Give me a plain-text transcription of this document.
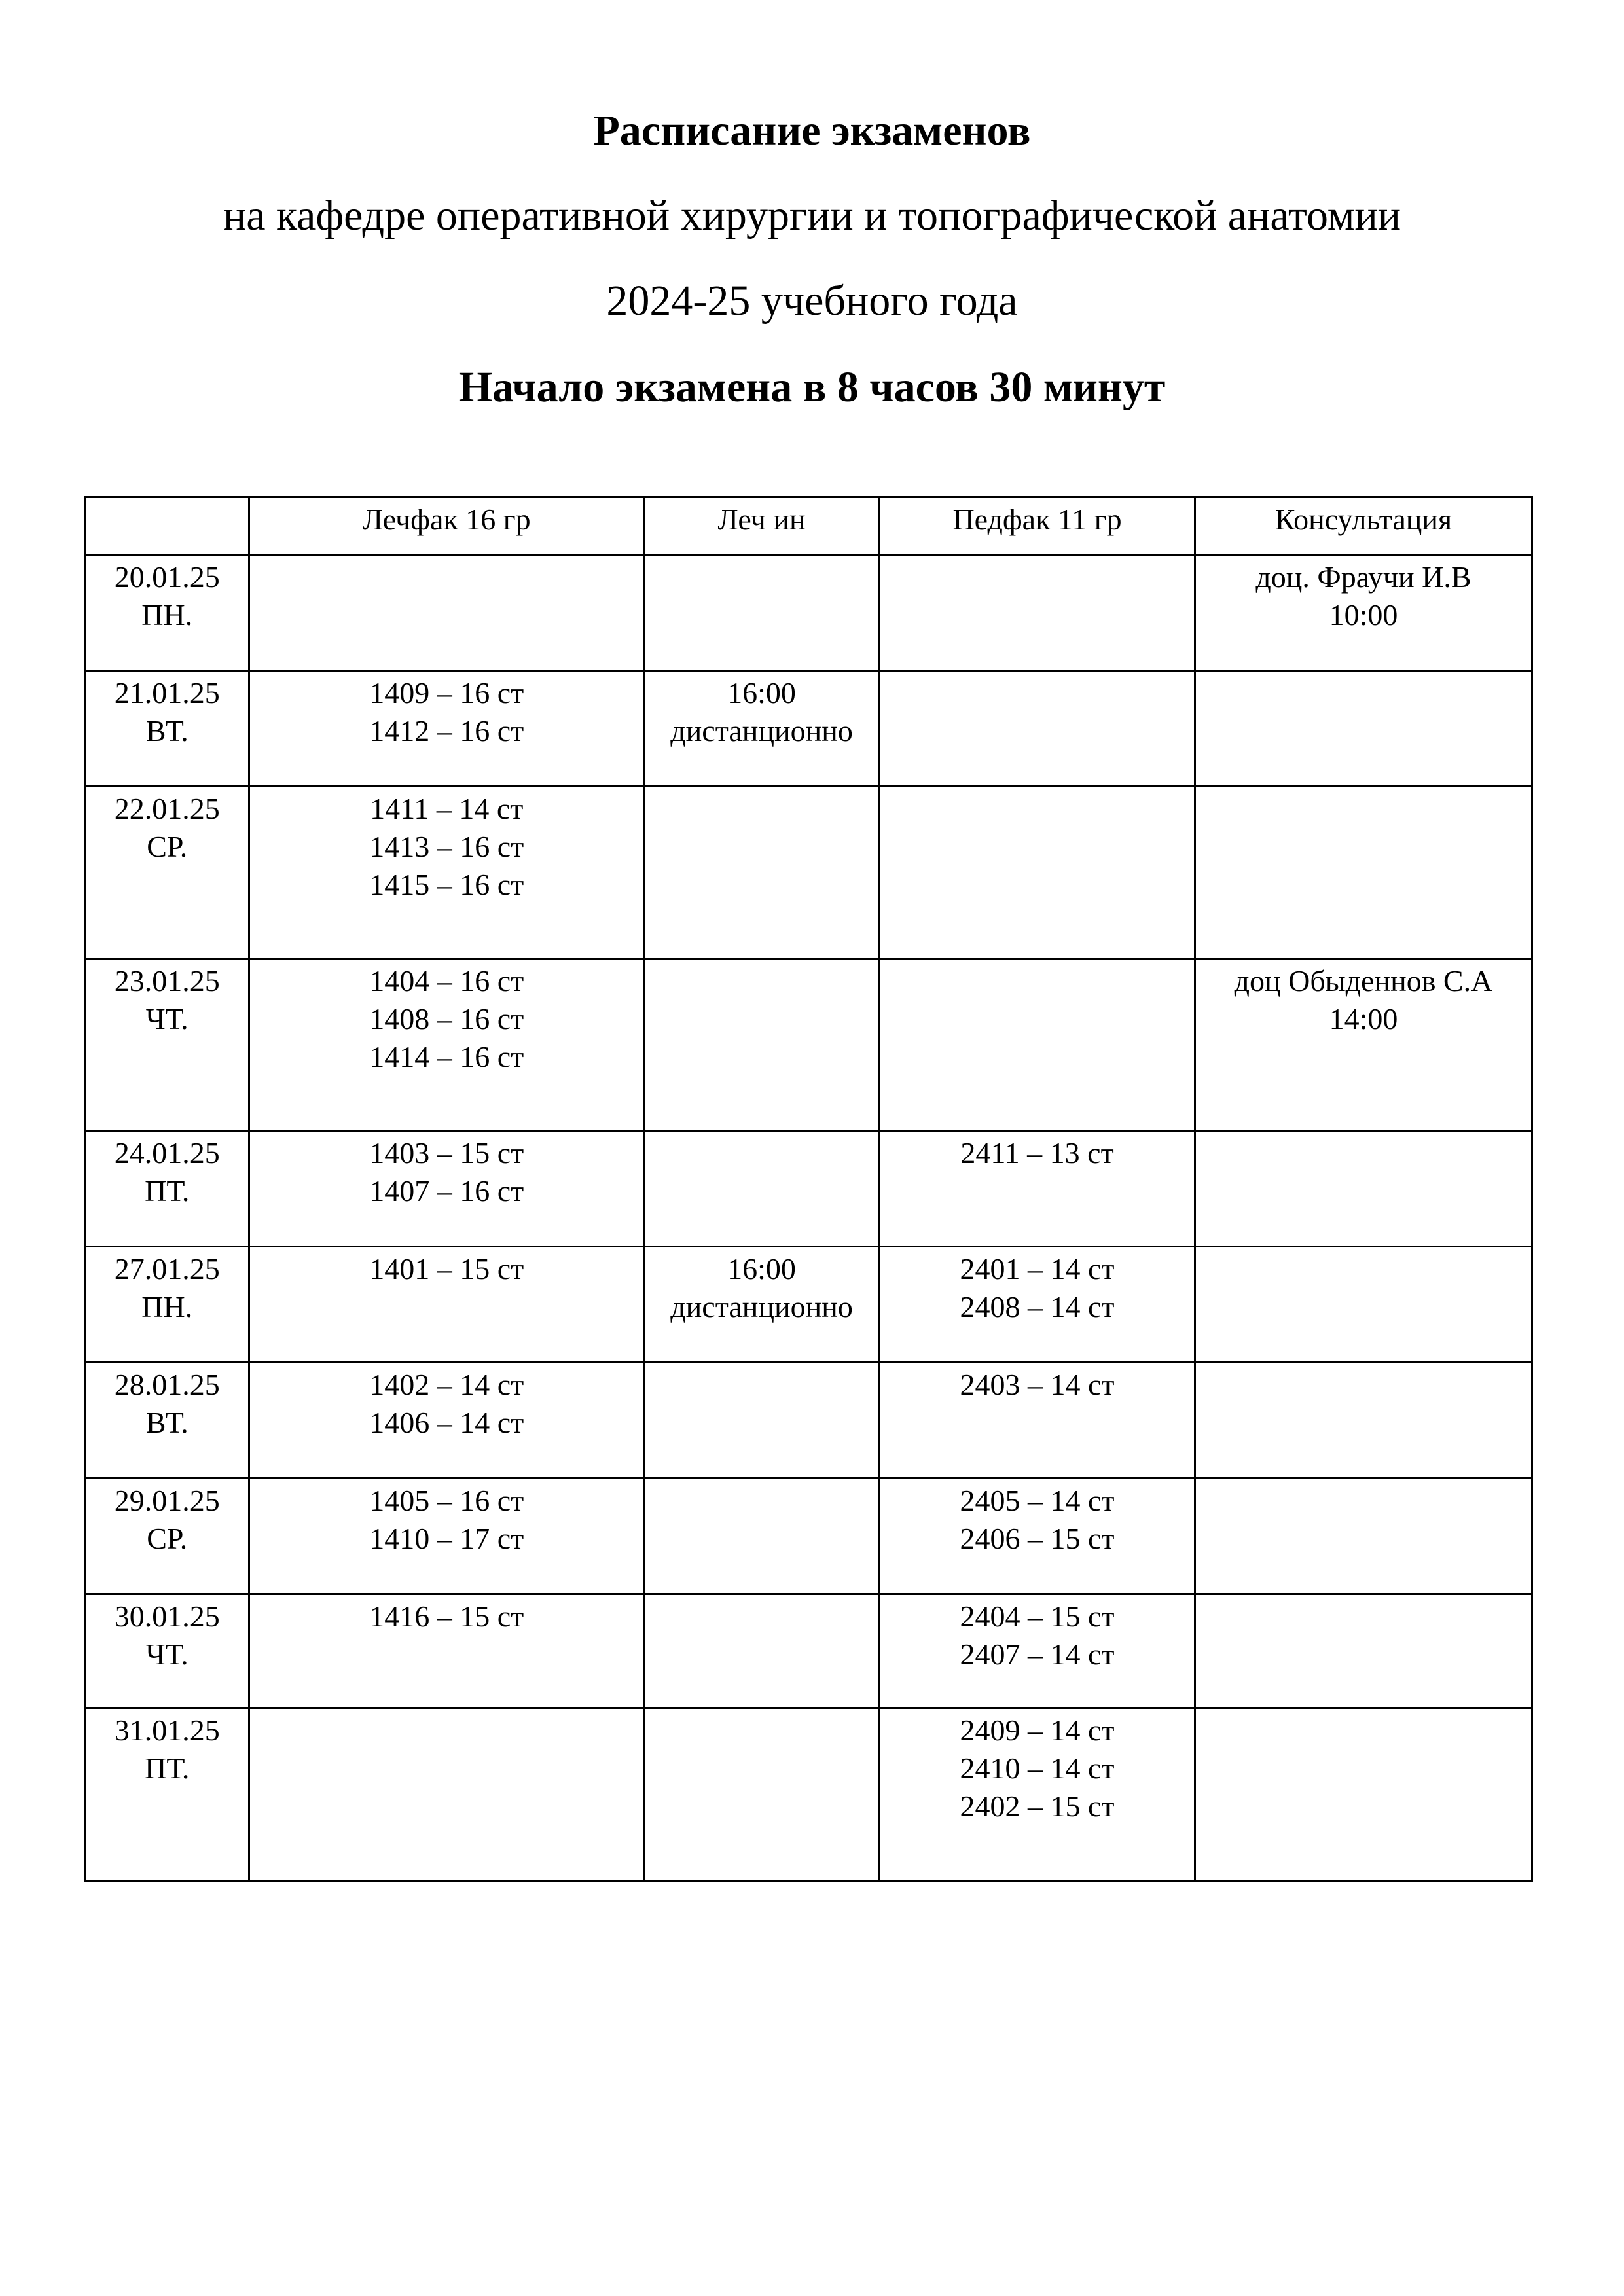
Расписание экзаменов

на кафедре оперативной хирургии и топографической анатомии

2024-25 учебного года

Начало экзамена в 8 часов 30 минут

	Лечфак 16 гр	Леч ин	Педфак 11 гр	Консультация

20.01.25
ПН.				доц. Фраучи И.В
10:00

21.01.25
ВТ.	1409 – 16 ст
1412 – 16 ст	16:00
дистанционно		

22.01.25
СР.	1411 – 14 ст
1413 – 16 ст
1415 – 16 ст			

23.01.25
ЧТ.	1404 – 16 ст
1408 – 16 ст
1414 – 16 ст			доц Обыденнов С.А
14:00

24.01.25
ПТ.	1403 – 15 ст
1407 – 16 ст		2411 – 13 ст	

27.01.25
ПН.	1401 – 15 ст	16:00
дистанционно	2401 – 14 ст
2408 – 14 ст	

28.01.25
ВТ.	1402 – 14 ст
1406 – 14 ст		2403 – 14 ст	

29.01.25
СР.	1405 – 16 ст
1410 – 17 ст		2405 – 14 ст
2406 – 15 ст	

30.01.25
ЧТ.	1416 – 15 ст		2404 – 15 ст
2407 – 14 ст	

31.01.25
ПТ.			2409 – 14 ст
2410 – 14 ст
2402 – 15 ст	
